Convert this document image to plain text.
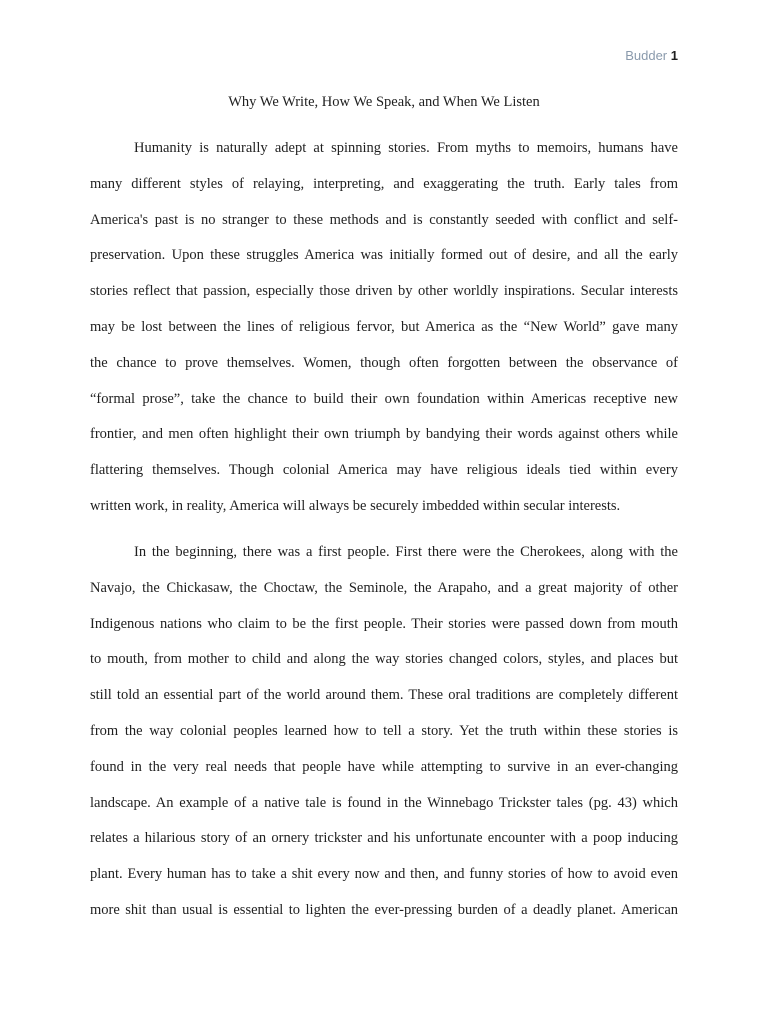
Budder 1
Why We Write, How We Speak, and When We Listen
Humanity is naturally adept at spinning stories. From myths to memoirs, humans have
many different styles of relaying, interpreting, and exaggerating the truth. Early tales from
America's past is no stranger to these methods and is constantly seeded with conflict and self-
preservation. Upon these struggles America was initially formed out of desire, and all the early
stories reflect that passion, especially those driven by other worldly inspirations. Secular interests
may be lost between the lines of religious fervor, but America as the “New World” gave many
the chance to prove themselves. Women, though often forgotten between the observance of
“formal prose”, take the chance to build their own foundation within Americas receptive new
frontier, and men often highlight their own triumph by bandying their words against others while
flattering themselves. Though colonial America may have religious ideals tied within every
written work, in reality, America will always be securely imbedded within secular interests.
In the beginning, there was a first people. First there were the Cherokees, along with the
Navajo, the Chickasaw, the Choctaw, the Seminole, the Arapaho, and a great majority of other
Indigenous nations who claim to be the first people. Their stories were passed down from mouth
to mouth, from mother to child and along the way stories changed colors, styles, and places but
still told an essential part of the world around them. These oral traditions are completely different
from the way colonial peoples learned how to tell a story. Yet the truth within these stories is
found in the very real needs that people have while attempting to survive in an ever-changing
landscape. An example of a native tale is found in the Winnebago Trickster tales (pg. 43) which
relates a hilarious story of an ornery trickster and his unfortunate encounter with a poop inducing
plant. Every human has to take a shit every now and then, and funny stories of how to avoid even
more shit than usual is essential to lighten the ever-pressing burden of a deadly planet. American
